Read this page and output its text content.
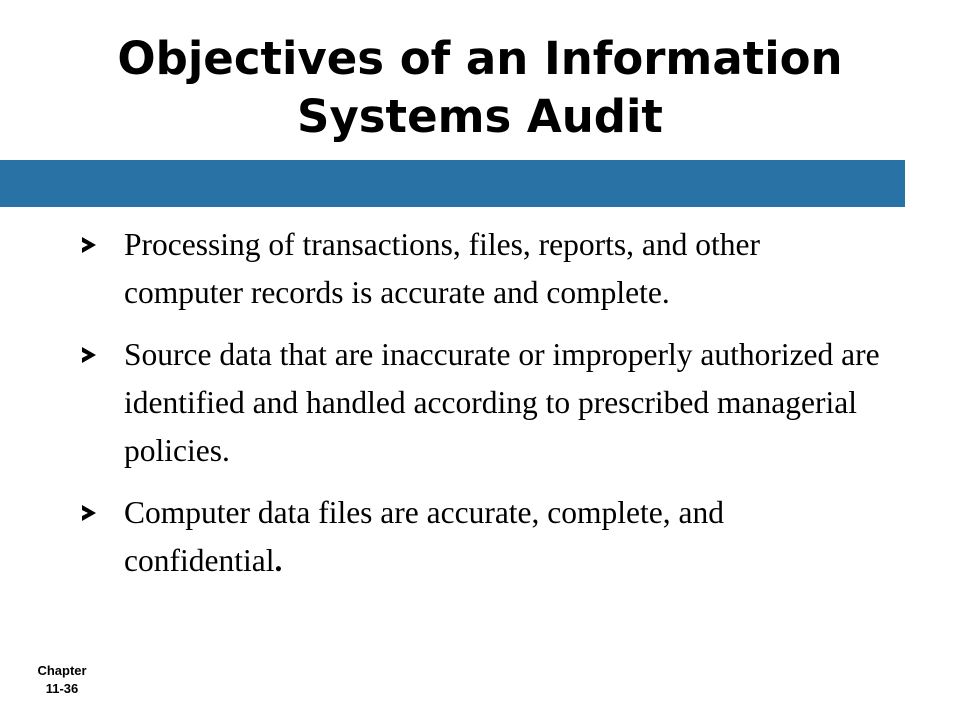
Objectives of an Information
Systems Audit
Processing of transactions, files, reports, and other computer records is accurate and complete.
Source data that are inaccurate or improperly authorized are identified and handled according to prescribed managerial policies.
Computer data files are accurate, complete, and confidential.
Chapter
11-36
